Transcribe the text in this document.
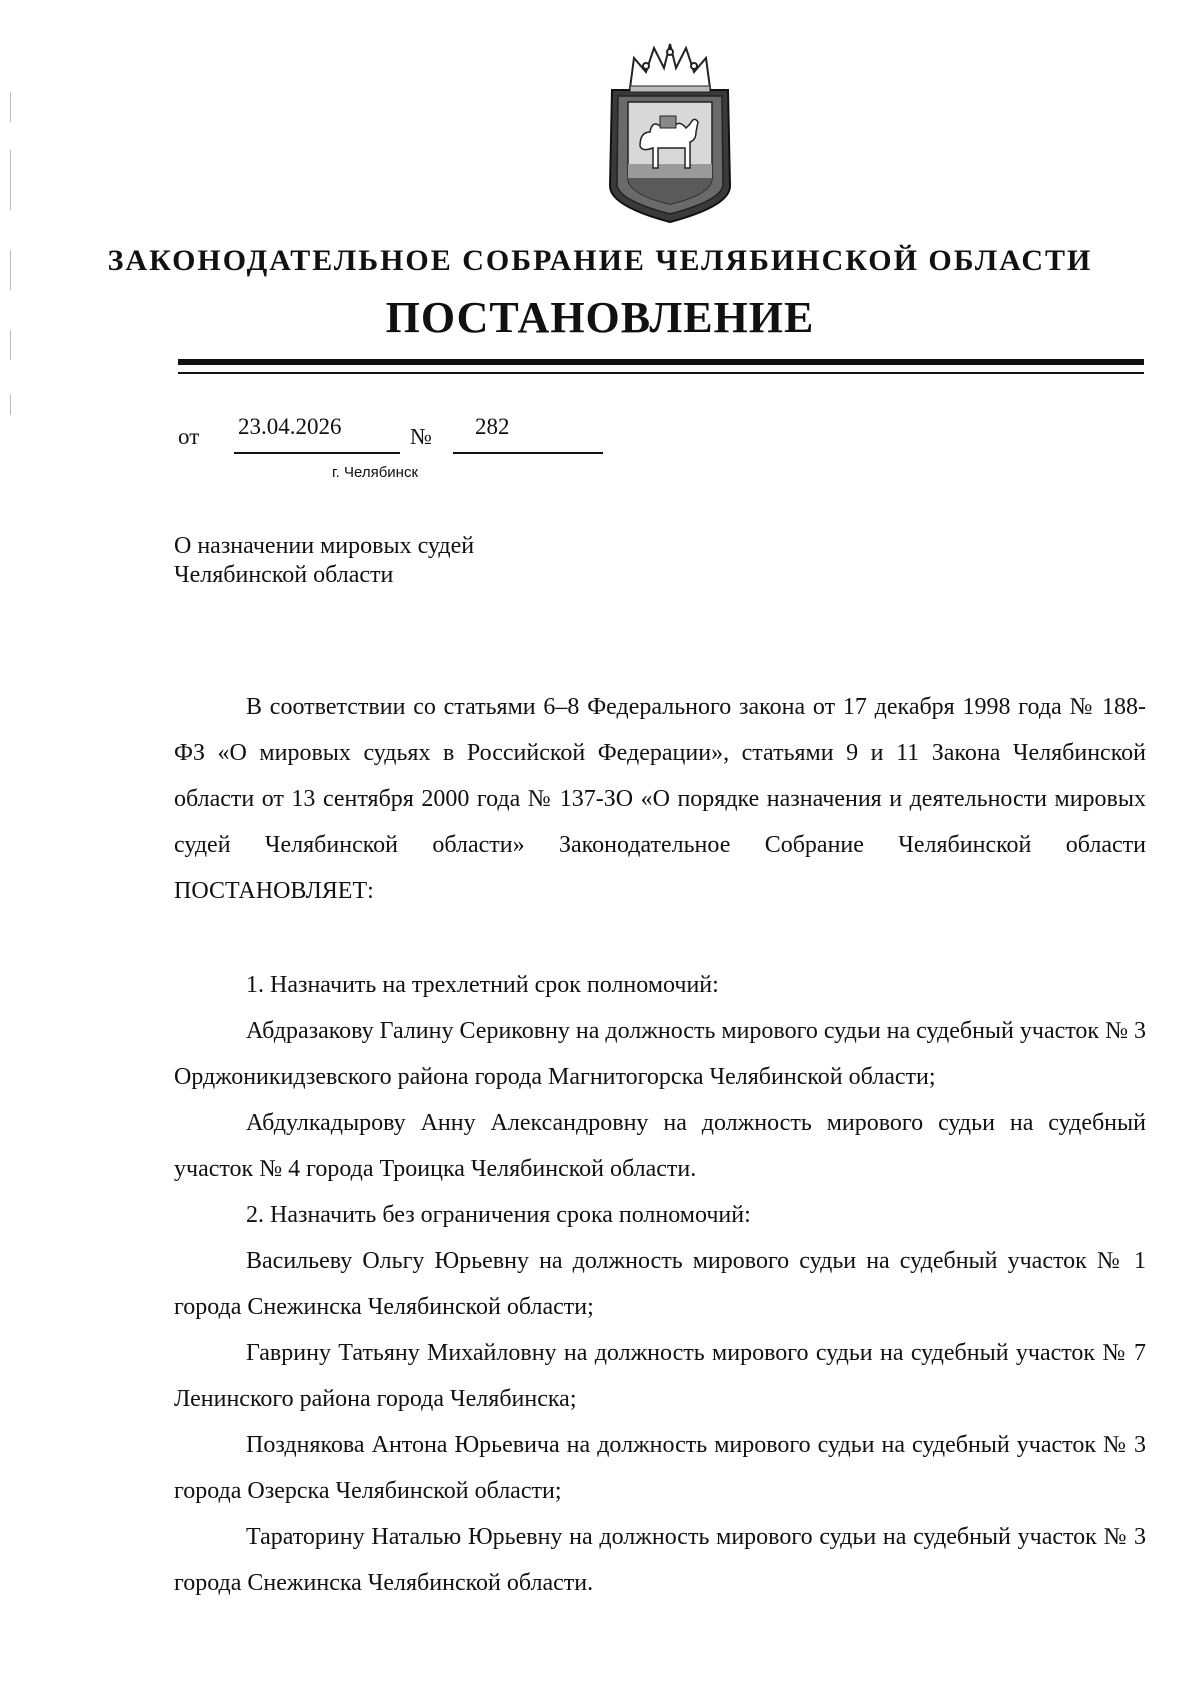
ЗАКОНОДАТЕЛЬНОЕ СОБРАНИЕ ЧЕЛЯБИНСКОЙ ОБЛАСТИ
ПОСТАНОВЛЕНИЕ
от 23.04.2026	№ 282
г. Челябинск
О назначении мировых судей Челябинской области

В соответствии со статьями 6–8 Федерального закона от 17 декабря 1998 года № 188-ФЗ «О мировых судьях в Российской Федерации», статьями 9 и 11 Закона Челябинской области от 13 сентября 2000 года № 137-ЗО «О порядке назначения и деятельности мировых судей Челябинской области» Законодательное Собрание Челябинской области ПОСТАНОВЛЯЕТ:

1. Назначить на трехлетний срок полномочий:

Абдразакову Галину Сериковну на должность мирового судьи на судебный участок № 3 Орджоникидзевского района города Магнитогорска Челябинской области;

Абдулкадырову Анну Александровну на должность мирового судьи на судебный участок № 4 города Троицка Челябинской области.

2. Назначить без ограничения срока полномочий:

Васильеву Ольгу Юрьевну на должность мирового судьи на судебный участок № 1 города Снежинска Челябинской области;

Гаврину Татьяну Михайловну на должность мирового судьи на судебный участок № 7 Ленинского района города Челябинска;

Позднякова Антона Юрьевича на должность мирового судьи на судебный участок № 3 города Озерска Челябинской области;

Тараторину Наталью Юрьевну на должность мирового судьи на судебный участок № 3 города Снежинска Челябинской области.
